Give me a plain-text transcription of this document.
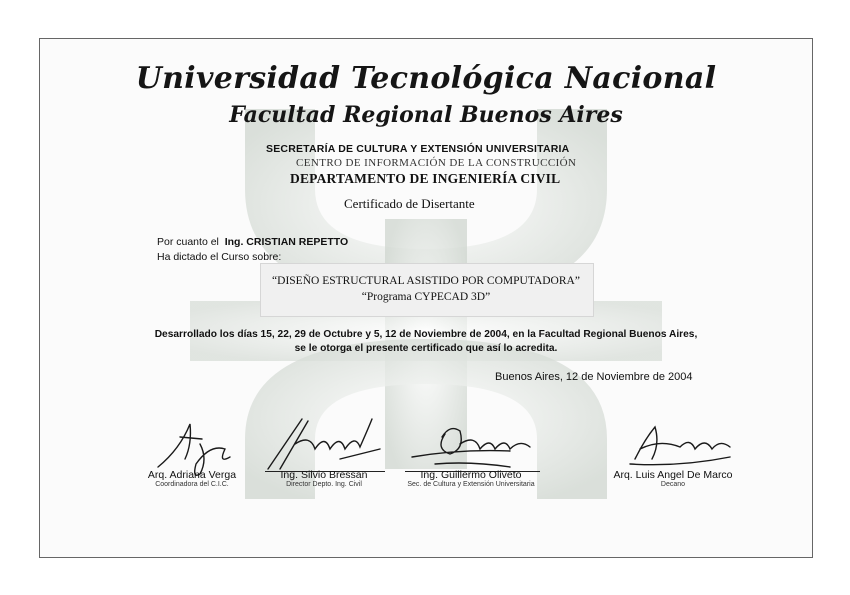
Universidad Tecnológica Nacional
Facultad Regional Buenos Aires
SECRETARÍA DE CULTURA Y EXTENSIÓN UNIVERSITARIA
CENTRO DE INFORMACIÓN DE LA CONSTRUCCIÓN
DEPARTAMENTO DE INGENIERÍA CIVIL
Certificado de Disertante
Por cuanto el Ing. CRISTIAN REPETTO
Ha dictado el Curso sobre:
“DISEÑO ESTRUCTURAL ASISTIDO POR COMPUTADORA”
“Programa CYPECAD 3D”
Desarrollado los días 15, 22, 29 de Octubre y 5, 12 de Noviembre de 2004, en la Facultad Regional Buenos Aires,
se le otorga el presente certificado que así lo acredita.
Buenos Aires, 12 de Noviembre de 2004
Arq. Adriana Verga
Coordinadora del C.I.C.
Ing. Silvio Bressan
Director Depto. Ing. Civil
Ing. Guillermo Oliveto
Sec. de Cultura y Extensión Universitaria
Arq. Luis Angel De Marco
Decano
